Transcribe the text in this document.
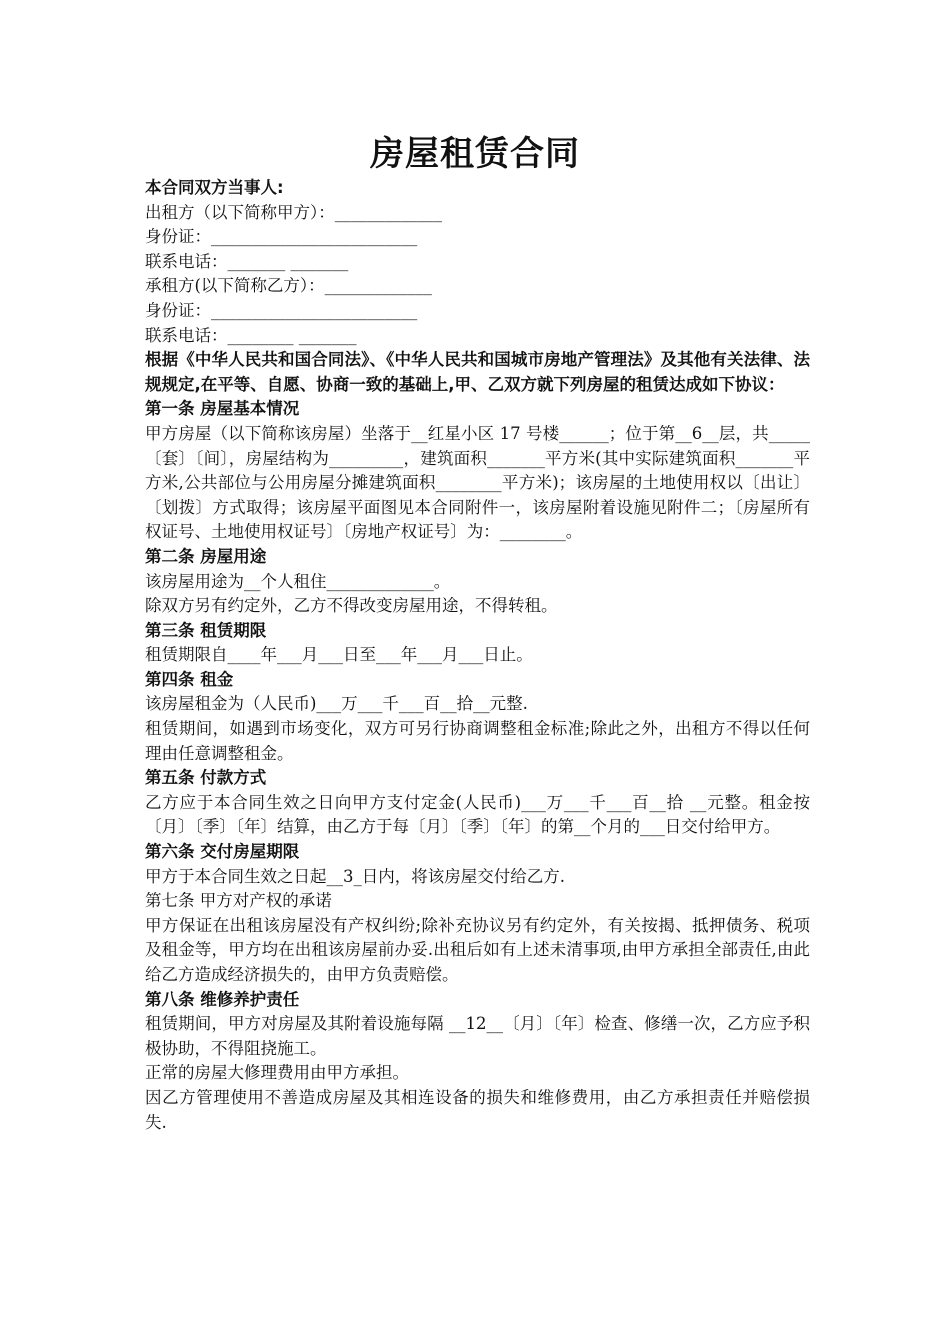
房屋租赁合同
本合同双方当事人:
出租方（以下简称甲方）：_____________
身份证：_________________________
联系电话：_______ _______
承租方(以下简称乙方）：_____________
身份证：_________________________
联系电话：________ _______
根据《中华人民共和国合同法》、《中华人民共和国城市房地产管理法》及其他有关法律、法规规定,在平等、自愿、协商一致的基础上,甲、乙双方就下列房屋的租赁达成如下协议：
第一条 房屋基本情况
甲方房屋（以下简称该房屋）坐落于__红星小区 17 号楼______；位于第__6__层，共_____〔套〕〔间〕，房屋结构为_________，建筑面积_______平方米(其中实际建筑面积_______平方米,公共部位与公用房屋分摊建筑面积________平方米)；该房屋的土地使用权以〔出让〕〔划拨〕方式取得；该房屋平面图见本合同附件一，该房屋附着设施见附件二；〔房屋所有权证号、土地使用权证号〕〔房地产权证号〕为：________。
第二条 房屋用途
该房屋用途为__个人租住_____________。
除双方另有约定外，乙方不得改变房屋用途，不得转租。
第三条 租赁期限
租赁期限自____年___月___日至___年___月___日止。
第四条 租金
该房屋租金为（人民币)___万___千___百__拾__元整.
租赁期间，如遇到市场变化，双方可另行协商调整租金标准;除此之外，出租方不得以任何理由任意调整租金。
第五条 付款方式
乙方应于本合同生效之日向甲方支付定金(人民币)___万___千___百__拾 __元整。租金按〔月〕〔季〕〔年〕结算，由乙方于每〔月〕〔季〕〔年〕的第__个月的___日交付给甲方。
第六条 交付房屋期限
甲方于本合同生效之日起__3_日内，将该房屋交付给乙方.
第七条 甲方对产权的承诺
甲方保证在出租该房屋没有产权纠纷;除补充协议另有约定外，有关按揭、抵押债务、税项及租金等，甲方均在出租该房屋前办妥.出租后如有上述未清事项,由甲方承担全部责任,由此给乙方造成经济损失的，由甲方负责赔偿。
第八条 维修养护责任
租赁期间，甲方对房屋及其附着设施每隔 __12__〔月〕〔年〕检查、修缮一次，乙方应予积极协助，不得阻挠施工。
正常的房屋大修理费用由甲方承担。
因乙方管理使用不善造成房屋及其相连设备的损失和维修费用，由乙方承担责任并赔偿损失.
